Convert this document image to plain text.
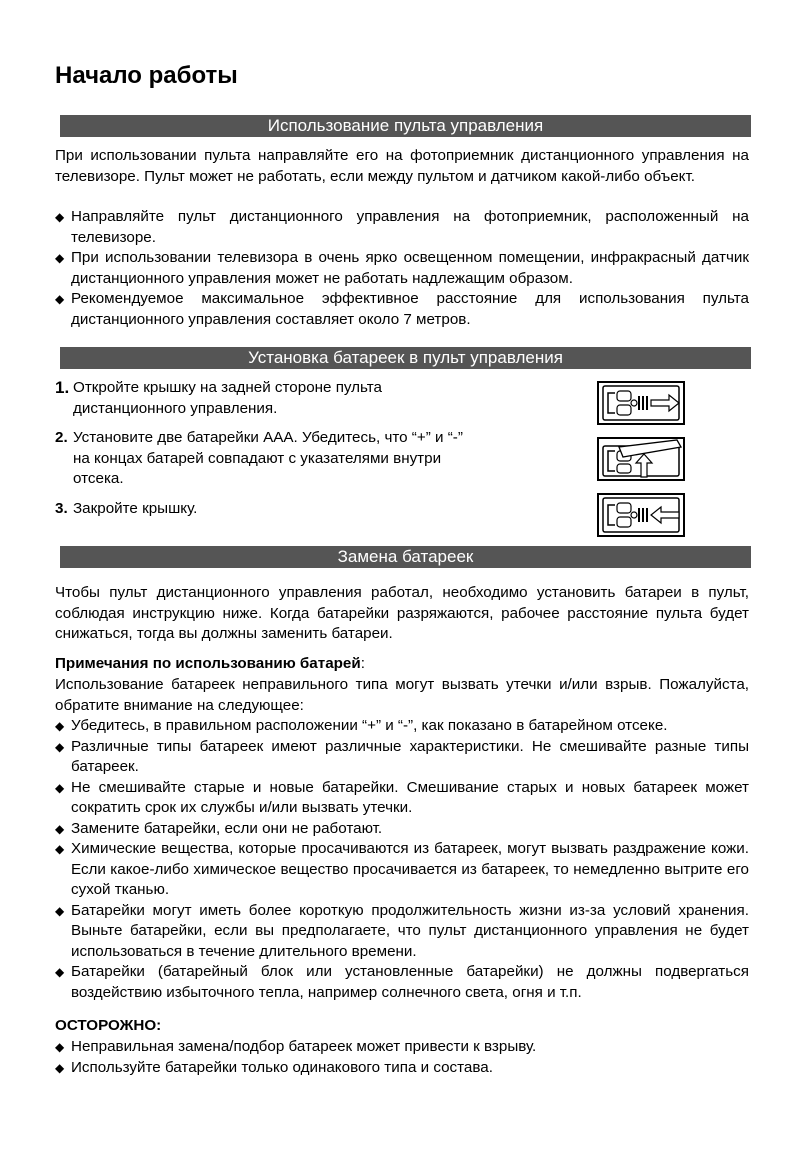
Начало работы
Использование пульта управления

При использовании пульта направляйте его на фотоприемник дистанционного управления на телевизоре. Пульт может не работать, если между пультом и датчиком какой-либо объект.

◆ Направляйте пульт дистанционного управления на фотоприемник, расположенный на телевизоре.
◆ При использовании телевизора в очень ярко освещенном помещении, инфракрасный датчик дистанционного управления может не работать надлежащим образом.
◆ Рекомендуемое максимальное эффективное расстояние для использования пульта дистанционного управления составляет около 7 метров.
Установка батареек в пульт управления
1. Откройте крышку на задней стороне пульта дистанционного управления.
2. Установите две батарейки AAA. Убедитесь, что “+” и “-” на концах батарей совпадают с указателями внутри отсека.
3. Закройте крышку.
Замена батареек

Чтобы пульт дистанционного управления работал, необходимо установить батареи в пульт, соблюдая инструкцию ниже. Когда батарейки разряжаются, рабочее расстояние пульта будет снижаться, тогда вы должны заменить батареи.

Примечания по использованию батарей:

Использование батареек неправильного типа могут вызвать утечки и/или взрыв. Пожалуйста, обратите внимание на следующее:

◆ Убедитесь, в правильном расположении “+” и “-”, как показано в батарейном отсеке.
◆ Различные типы батареек имеют различные характеристики. Не смешивайте разные типы батареек.
◆ Не смешивайте старые и новые батарейки. Смешивание старых и новых батареек может сократить срок их службы и/или вызвать утечки.
◆ Замените батарейки, если они не работают.
◆ Химические вещества, которые просачиваются из батареек, могут вызвать раздражение кожи. Если какое-либо химическое вещество просачивается из батареек, то немедленно вытрите его сухой тканью.
◆ Батарейки могут иметь более короткую продолжительность жизни из-за условий хранения. Выньте батарейки, если вы предполагаете, что пульт дистанционного управления не будет использоваться в течение длительного времени.
◆ Батарейки (батарейный блок или установленные батарейки) не должны подвергаться воздействию избыточного тепла, например солнечного света, огня и т.п.
ОСТОРОЖНО:
◆ Неправильная замена/подбор батареек может привести к взрыву.
◆ Используйте батарейки только одинакового типа и состава.
